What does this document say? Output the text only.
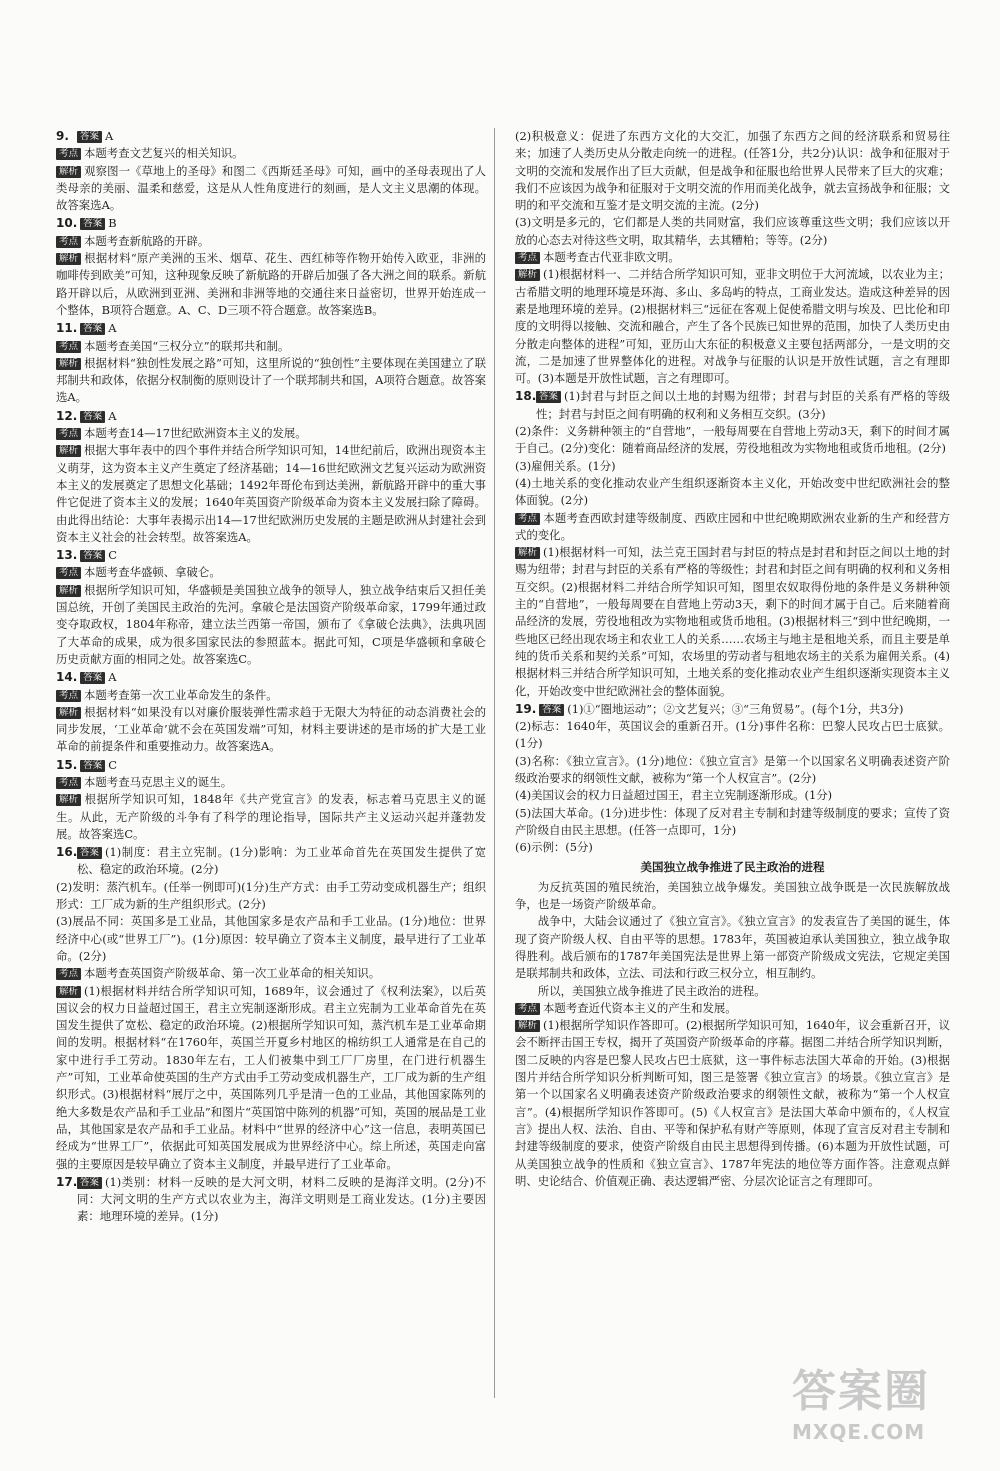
9.	答案 A
考点 本题考查文艺复兴的相关知识。
解析 观察图一《草地上的圣母》和图二《西斯廷圣母》可知，画中的圣母表现出了人类母亲的美丽、温柔和慈爱，这是从人性角度进行的刻画，是人文主义思潮的体现。故答案选A。
10. 答案 B
考点 本题考查新航路的开辟。
解析 根据材料“原产美洲的玉米、烟草、花生、西红柿等作物开始传入欧亚，非洲的咖啡传到欧美”可知，这种现象反映了新航路的开辟后加强了各大洲之间的联系。新航路开辟以后，从欧洲到亚洲、美洲和非洲等地的交通往来日益密切，世界开始连成一个整体，B项符合题意。A、C、D三项不符合题意。故答案选B。
11. 答案 A
考点 本题考查美国“三权分立”的联邦共和制。
解析 根据材料“独创性发展之路”可知，这里所说的“独创性”主要体现在美国建立了联邦制共和政体，依据分权制衡的原则设计了一个联邦制共和国，A项符合题意。故答案选A。
12. 答案 A
考点 本题考查14—17世纪欧洲资本主义的发展。
解析 根据大事年表中的四个事件并结合所学知识可知，14世纪前后，欧洲出现资本主义萌芽，这为资本主义产生奠定了经济基础；14—16世纪欧洲文艺复兴运动为欧洲资本主义的发展奠定了思想文化基础；1492年哥伦布到达美洲，新航路开辟中的重大事件它促进了资本主义的发展；1640年英国资产阶级革命为资本主义发展扫除了障碍。由此得出结论：大事年表揭示出14—17世纪欧洲历史发展的主题是欧洲从封建社会到资本主义社会的社会转型。故答案选A。
13. 答案 C
考点 本题考查华盛顿、拿破仑。
解析 根据所学知识可知，华盛顿是美国独立战争的领导人，独立战争结束后又担任美国总统，开创了美国民主政治的先河。拿破仑是法国资产阶级革命家，1799年通过政变夺取政权，1804年称帝，建立法兰西第一帝国，颁布了《拿破仑法典》，法典巩固了大革命的成果，成为很多国家民法的参照蓝本。据此可知，C项是华盛顿和拿破仑历史贡献方面的相同之处。故答案选C。
14. 答案 A
考点 本题考查第一次工业革命发生的条件。
解析 根据材料“如果没有以对廉价服装弹性需求趋于无限大为特征的动态消费社会的同步发展，‘工业革命’就不会在英国发端”可知，材料主要讲述的是市场的扩大是工业革命的前提条件和重要推动力。故答案选A。
15. 答案 C
考点 本题考查马克思主义的诞生。
解析 根据所学知识可知，1848年《共产党宣言》的发表，标志着马克思主义的诞生。从此，无产阶级的斗争有了科学的理论指导，国际共产主义运动兴起并蓬勃发展。故答案选C。
16. 答案 (1)制度：君主立宪制。(1分)影响：为工业革命首先在英国发生提供了宽松、稳定的政治环境。(2分)
(2)发明：蒸汽机车。(任举一例即可)(1分)生产方式：由手工劳动变成机器生产；组织形式：工厂成为新的生产组织形式。(2分)
(3)展品不同：英国多是工业品，其他国家多是农产品和手工业品。(1分)地位：世界经济中心(或“世界工厂”)。(1分)原因：较早确立了资本主义制度，最早进行了工业革命。(2分)
考点 本题考查英国资产阶级革命、第一次工业革命的相关知识。
解析 (1)根据材料并结合所学知识可知，1689年，议会通过了《权利法案》，以后英国议会的权力日益超过国王，君主立宪制逐渐形成。君主立宪制为工业革命首先在英国发生提供了宽松、稳定的政治环境。(2)根据所学知识可知，蒸汽机车是工业革命期间的发明。根据材料“在1760年，英国兰开夏乡村地区的棉纺织工人通常是在自己的家中进行手工劳动。1830年左右，工人们被集中到工厂厂房里，在门进行机器生产”可知，工业革命使英国的生产方式由手工劳动变成机器生产，工厂成为新的生产组织形式。(3)根据材料“展厅之中，英国陈列几乎是清一色的工业品，其他国家陈列的绝大多数是农产品和手工业品”和图片“英国馆中陈列的机器”可知，英国的展品是工业品，其他国家是农产品和手工业品。材料中“世界的经济中心”这一信息，表明英国已经成为“世界工厂”，依据此可知英国发展成为世界经济中心。综上所述，英国走向富强的主要原因是较早确立了资本主义制度，并最早进行了工业革命。
17. 答案 (1)类别：材料一反映的是大河文明，材料二反映的是海洋文明。(2分)不同：大河文明的生产方式以农业为主，海洋文明则是工商业发达。(1分)主要因素：地理环境的差异。(1分)
(2)积极意义：促进了东西方文化的大交汇，加强了东西方之间的经济联系和贸易往来；加速了人类历史从分散走向统一的进程。(任答1分，共2分)认识：战争和征服对于文明的交流和发展作出了巨大贡献，但是战争和征服也给世界人民带来了巨大的灾难；我们不应该因为战争和征服对于文明交流的作用而美化战争，就去宣扬战争和征服；文明的和平交流和互鉴才是文明交流的主流。(2分)
(3)文明是多元的，它们都是人类的共同财富，我们应该尊重这些文明；我们应该以开放的心态去对待这些文明，取其精华，去其糟粕；等等。(2分)
考点 本题考查古代亚非欧文明。
解析 (1)根据材料一、二并结合所学知识可知，亚非文明位于大河流域，以农业为主；古希腊文明的地理环境是环海、多山、多岛屿的特点，工商业发达。造成这种差异的因素是地理环境的差异。(2)根据材料三“远征在客观上促使希腊文明与埃及、巴比伦和印度的文明得以接触、交流和融合，产生了各个民族已知世界的范围，加快了人类历史由分散走向整体的进程”可知，亚历山大东征的积极意义主要包括两部分，一是文明的交流，二是加速了世界整体化的进程。对战争与征服的认识是开放性试题，言之有理即可。(3)本题是开放性试题，言之有理即可。
18. 答案 (1)封君与封臣之间以土地的封赐为纽带；封君与封臣的关系有严格的等级性；封君与封臣之间有明确的权利和义务相互交织。(3分)
(2)条件：义务耕种领主的“自营地”，一般每周要在自营地上劳动3天，剩下的时间才属于自己。(2分)变化：随着商品经济的发展，劳役地租改为实物地租或货币地租。(2分)
(3)雇佣关系。(1分)
(4)土地关系的变化推动农业产生组织逐渐资本主义化，开始改变中世纪欧洲社会的整体面貌。(2分)
考点 本题考查西欧封建等级制度、西欧庄园和中世纪晚期欧洲农业新的生产和经营方式的变化。
解析 (1)根据材料一可知，法兰克王国封君与封臣的特点是封君和封臣之间以土地的封赐为纽带；封君与封臣的关系有严格的等级性；封君和封臣之间有明确的权利和义务相互交织。(2)根据材料二并结合所学知识可知，图里农奴取得份地的条件是义务耕种领主的“自营地”，一般每周要在自营地上劳动3天，剩下的时间才属于自己。后来随着商品经济的发展，劳役地租改为实物地租或货币地租。(3)根据材料三“到中世纪晚期，一些地区已经出现农场主和农业工人的关系……农场主与地主是租地关系，而且主要是单纯的货币关系和契约关系”可知，农场里的劳动者与租地农场主的关系为雇佣关系。(4)根据材料三并结合所学知识可知，土地关系的变化推动农业产生组织逐渐实现资本主义化，开始改变中世纪欧洲社会的整体面貌。
19. 答案 (1)①“圈地运动”；②文艺复兴；③“三角贸易”。(每个1分，共3分)
(2)标志：1640年，英国议会的重新召开。(1分)事件名称：巴黎人民攻占巴士底狱。(1分)
(3)名称：《独立宣言》。(1分)地位：《独立宣言》是第一个以国家名义明确表述资产阶级政治要求的纲领性文献，被称为“第一个人权宣言”。(2分)
(4)美国议会的权力日益超过国王，君主立宪制逐渐形成。(1分)
(5)法国大革命。(1分)进步性：体现了反对君主专制和封建等级制度的要求；宣传了资产阶级自由民主思想。(任答一点即可，1分)
(6)示例：(5分)
美国独立战争推进了民主政治的进程
为反抗英国的殖民统治，美国独立战争爆发。美国独立战争既是一次民族解放战争，也是一场资产阶级革命。
战争中，大陆会议通过了《独立宣言》。《独立宣言》的发表宣告了美国的诞生，体现了资产阶级人权、自由平等的思想。1783年，英国被迫承认美国独立，独立战争取得胜利。战后颁布的1787年美国宪法是世界上第一部资产阶级成文宪法，它规定美国是联邦制共和政体，立法、司法和行政三权分立，相互制约。
所以，美国独立战争推进了民主政治的进程。
考点 本题考查近代资本主义的产生和发展。
解析 (1)根据所学知识作答即可。(2)根据所学知识可知，1640年，议会重新召开，议会不断抨击国王专权，揭开了英国资产阶级革命的序幕。据图二并结合所学知识判断，图二反映的内容是巴黎人民攻占巴士底狱，这一事件标志法国大革命的开始。(3)根据图片并结合所学知识分析判断可知，图三是签署《独立宣言》的场景。《独立宣言》是第一个以国家名义明确表述资产阶级政治要求的纲领性文献，被称为“第一个人权宣言”。(4)根据所学知识作答即可。(5)《人权宣言》是法国大革命中颁布的，《人权宣言》提出人权、法治、自由、平等和保护私有财产等原则，体现了宣言反对君主专制和封建等级制度的要求，使资产阶级自由民主思想得到传播。(6)本题为开放性试题，可从美国独立战争的性质和《独立宣言》、1787年宪法的地位等方面作答。注意观点鲜明、史论结合、价值观正确、表达逻辑严密、分层次论证言之有理即可。
答案圈
MXQE.COM
